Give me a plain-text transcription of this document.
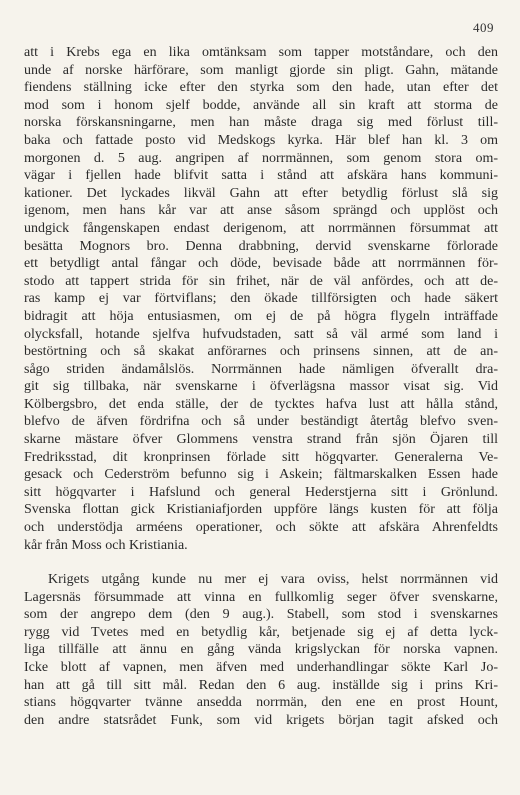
409
att i Krebs ega en lika omtänksam som tapper motståndare, och den
unde af norske härförare, som manligt gjorde sin pligt. Gahn, mätande
fiendens ställning icke efter den styrka som den hade, utan efter det
mod som i honom sjelf bodde, använde all sin kraft att storma de
norska förskansningarne, men han måste draga sig med förlust till-
baka och fattade posto vid Medskogs kyrka. Här blef han kl. 3 om
morgonen d. 5 aug. angripen af norrmännen, som genom stora om-
vägar i fjellen hade blifvit satta i stånd att afskära hans kommuni-
kationer. Det lyckades likväl Gahn att efter betydlig förlust slå sig
igenom, men hans kår var att anse såsom sprängd och upplöst och
undgick fångenskapen endast derigenom, att norrmännen försummat att
besätta Mognors bro. Denna drabbning, dervid svenskarne förlorade
ett betydligt antal fångar och döde, bevisade både att norrmännen för-
stodo att tappert strida för sin frihet, när de väl anfördes, och att de-
ras kamp ej var förtviflans; den ökade tillförsigten och hade säkert
bidragit att höja entusiasmen, om ej de på högra flygeln inträffade
olycksfall, hotande sjelfva hufvudstaden, satt så väl armé som land i
bestörtning och så skakat anförarnes och prinsens sinnen, att de an-
sågo striden ändamålslös. Norrmännen hade nämligen öfverallt dra-
git sig tillbaka, när svenskarne i öfverlägsna massor visat sig. Vid
Kölbergsbro, det enda ställe, der de tycktes hafva lust att hålla stånd,
blefvo de äfven fördrifna och så under beständigt återtåg blefvo sven-
skarne mästare öfver Glommens venstra strand från sjön Öjaren till
Fredriksstad, dit kronprinsen förlade sitt högqvarter. Generalerna Ve-
gesack och Cederström befunno sig i Askein; fältmarskalken Essen hade
sitt högqvarter i Hafslund och general Hederstjerna sitt i Grönlund.
Svenska flottan gick Kristianiafjorden uppföre längs kusten för att följa
och understödja arméens operationer, och sökte att afskära Ahrenfeldts
kår från Moss och Kristiania.
Krigets utgång kunde nu mer ej vara oviss, helst norrmännen vid
Lagersnäs försummade att vinna en fullkomlig seger öfver svenskarne,
som der angrepo dem (den 9 aug.). Stabell, som stod i svenskarnes
rygg vid Tvetes med en betydlig kår, betjenade sig ej af detta lyck-
liga tillfälle att ännu en gång vända krigslyckan för norska vapnen.
Icke blott af vapnen, men äfven med underhandlingar sökte Karl Jo-
han att gå till sitt mål. Redan den 6 aug. inställde sig i prins Kri-
stians högqvarter tvänne ansedda norrmän, den ene en prost Hount,
den andre statsrådet Funk, som vid krigets början tagit afsked och
